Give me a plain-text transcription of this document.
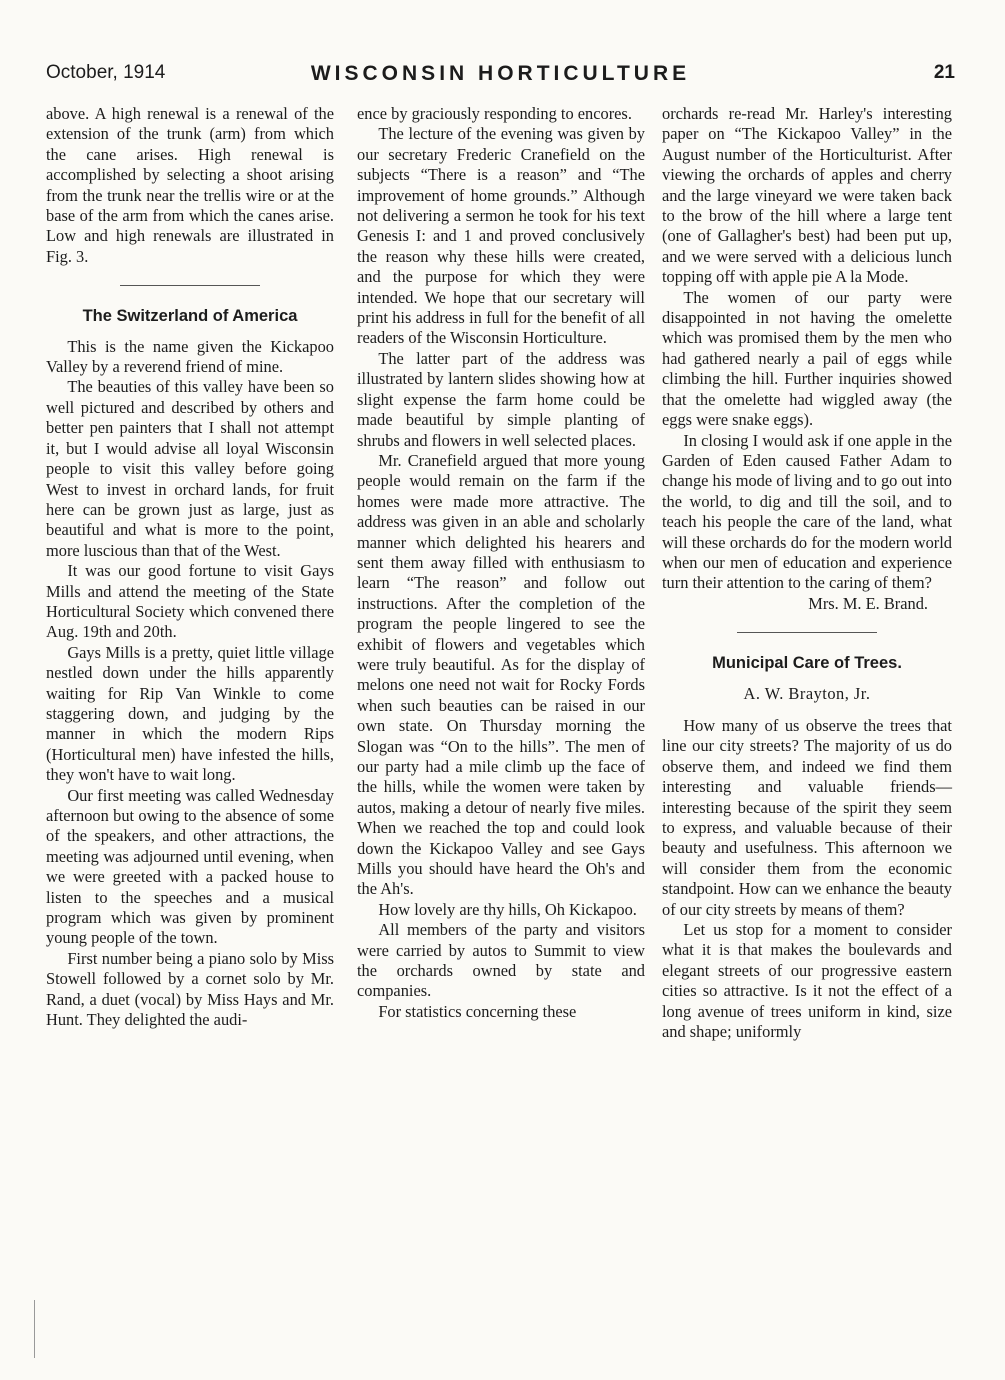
October, 1914	WISCONSIN HORTICULTURE	21

above. A high renewal is a renewal of the extension of the trunk (arm) from which the cane arises. High renewal is accomplished by selecting a shoot arising from the trunk near the trellis wire or at the base of the arm from which the canes arise. Low and high renewals are illustrated in Fig. 3.

The Switzerland of America

This is the name given the Kickapoo Valley by a reverend friend of mine.

The beauties of this valley have been so well pictured and described by others and better pen painters that I shall not attempt it, but I would advise all loyal Wisconsin people to visit this valley before going West to invest in orchard lands, for fruit here can be grown just as large, just as beautiful and what is more to the point, more luscious than that of the West.

It was our good fortune to visit Gays Mills and attend the meeting of the State Horticultural Society which convened there Aug. 19th and 20th.

Gays Mills is a pretty, quiet little village nestled down under the hills apparently waiting for Rip Van Winkle to come staggering down, and judging by the manner in which the modern Rips (Horticultural men) have infested the hills, they won't have to wait long.

Our first meeting was called Wednesday afternoon but owing to the absence of some of the speakers, and other attractions, the meeting was adjourned until evening, when we were greeted with a packed house to listen to the speeches and a musical program which was given by prominent young people of the town.

First number being a piano solo by Miss Stowell followed by a cornet solo by Mr. Rand, a duet (vocal) by Miss Hays and Mr. Hunt. They delighted the audi-

ence by graciously responding to encores.

The lecture of the evening was given by our secretary Frederic Cranefield on the subjects “There is a reason” and “The improvement of home grounds.” Although not delivering a sermon he took for his text Genesis I: and 1 and proved conclusively the reason why these hills were created, and the purpose for which they were intended. We hope that our secretary will print his address in full for the benefit of all readers of the Wisconsin Horticulture.

The latter part of the address was illustrated by lantern slides showing how at slight expense the farm home could be made beautiful by simple planting of shrubs and flowers in well selected places.

Mr. Cranefield argued that more young people would remain on the farm if the homes were made more attractive. The address was given in an able and scholarly manner which delighted his hearers and sent them away filled with enthusiasm to learn “The reason” and follow out instructions. After the completion of the program the people lingered to see the exhibit of flowers and vegetables which were truly beautiful. As for the display of melons one need not wait for Rocky Fords when such beauties can be raised in our own state. On Thursday morning the Slogan was “On to the hills”. The men of our party had a mile climb up the face of the hills, while the women were taken by autos, making a detour of nearly five miles. When we reached the top and could look down the Kickapoo Valley and see Gays Mills you should have heard the Oh's and the Ah's.

How lovely are thy hills, Oh Kickapoo.

All members of the party and visitors were carried by autos to Summit to view the orchards owned by state and companies.

For statistics concerning these

orchards re-read Mr. Harley's interesting paper on “The Kickapoo Valley” in the August number of the Horticulturist. After viewing the orchards of apples and cherry and the large vineyard we were taken back to the brow of the hill where a large tent (one of Gallagher's best) had been put up, and we were served with a delicious lunch topping off with apple pie A la Mode.

The women of our party were disappointed in not having the omelette which was promised them by the men who had gathered nearly a pail of eggs while climbing the hill. Further inquiries showed that the omelette had wiggled away (the eggs were snake eggs).

In closing I would ask if one apple in the Garden of Eden caused Father Adam to change his mode of living and to go out into the world, to dig and till the soil, and to teach his people the care of the land, what will these orchards do for the modern world when our men of education and experience turn their attention to the caring of them?

Mrs. M. E. Brand.

Municipal Care of Trees.
A. W. Brayton, Jr.

How many of us observe the trees that line our city streets? The majority of us do observe them, and indeed we find them interesting and valuable friends—interesting because of the spirit they seem to express, and valuable because of their beauty and usefulness. This afternoon we will consider them from the economic standpoint. How can we enhance the beauty of our city streets by means of them?

Let us stop for a moment to consider what it is that makes the boulevards and elegant streets of our progressive eastern cities so attractive. Is it not the effect of a long avenue of trees uniform in kind, size and shape; uniformly
